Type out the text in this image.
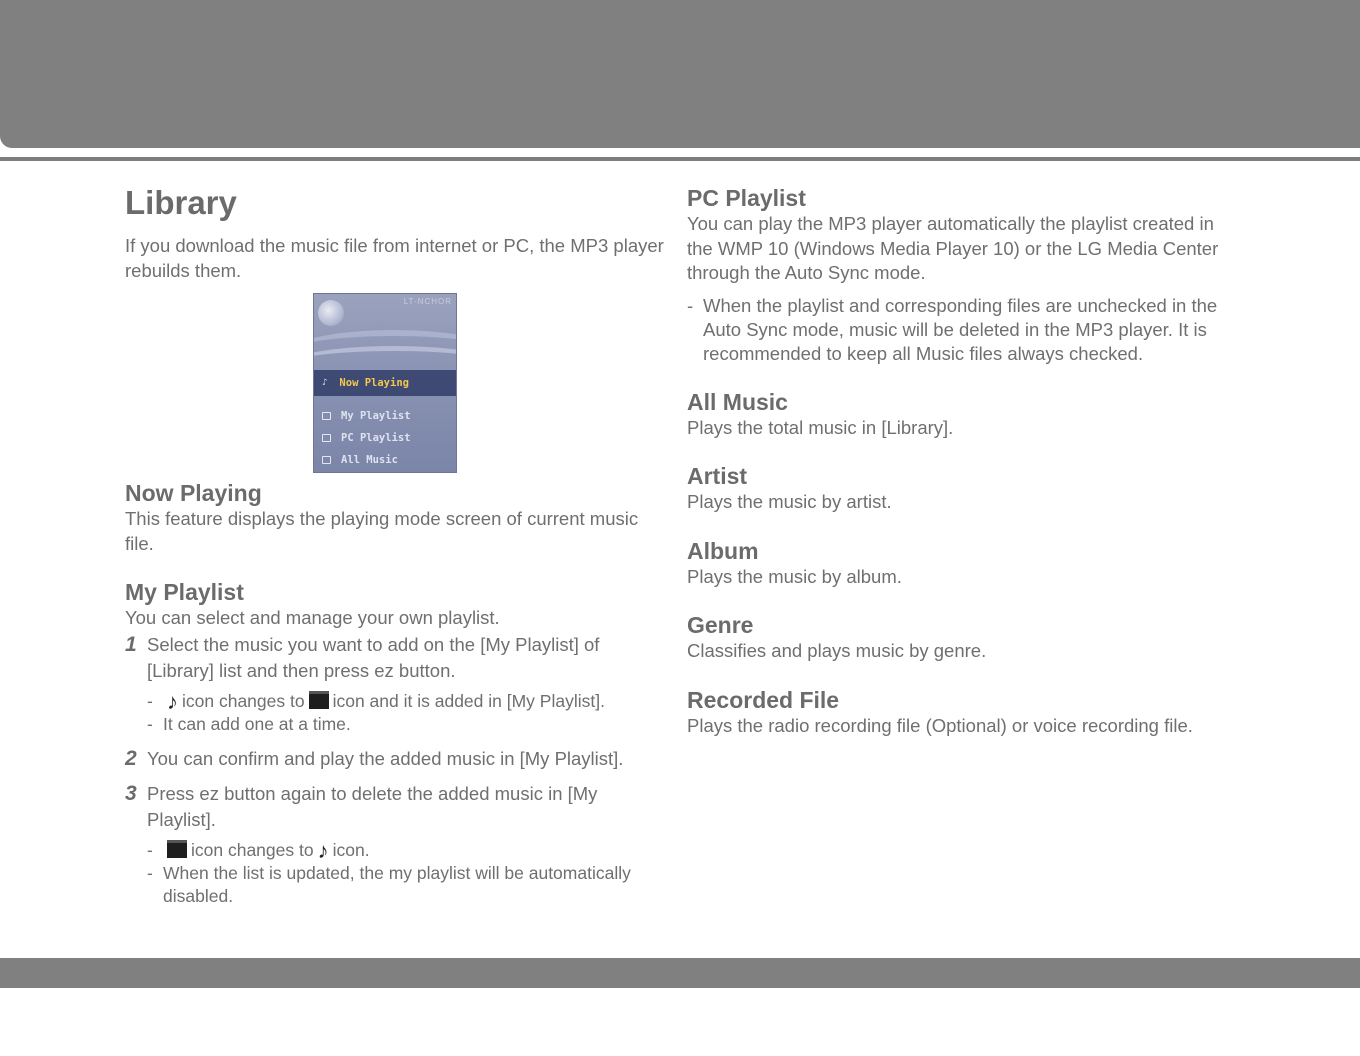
Library
If you download the music file from internet or PC, the MP3 player rebuilds them.
LT-NCHOR
♪ Now Playing
My Playlist
PC Playlist
All Music
Now Playing

This feature displays the playing mode screen of current music file.

My Playlist

You can select and manage your own playlist.

1 Select the music you want to add on the [My Playlist] of [Library] list and then press ez button.
- ♪ icon changes to icon and it is added in [My Playlist].
- It can add one at a time.
2 You can confirm and play the added music in [My Playlist].
3 Press ez button again to delete the added music in [My Playlist].
-	icon changes to ♪ icon.
- When the list is updated, the my playlist will be automatically disabled.
PC Playlist

You can play the MP3 player automatically the playlist created in the WMP 10 (Windows Media Player 10) or the LG Media Center through the Auto Sync mode.

- When the playlist and corresponding files are unchecked in the Auto Sync mode, music will be deleted in the MP3 player. It is recommended to keep all Music files always checked.
All Music

Plays the total music in [Library].

Artist

Plays the music by artist.

Album

Plays the music by album.

Genre

Classifies and plays music by genre.

Recorded File

Plays the radio recording file (Optional) or voice recording file.
